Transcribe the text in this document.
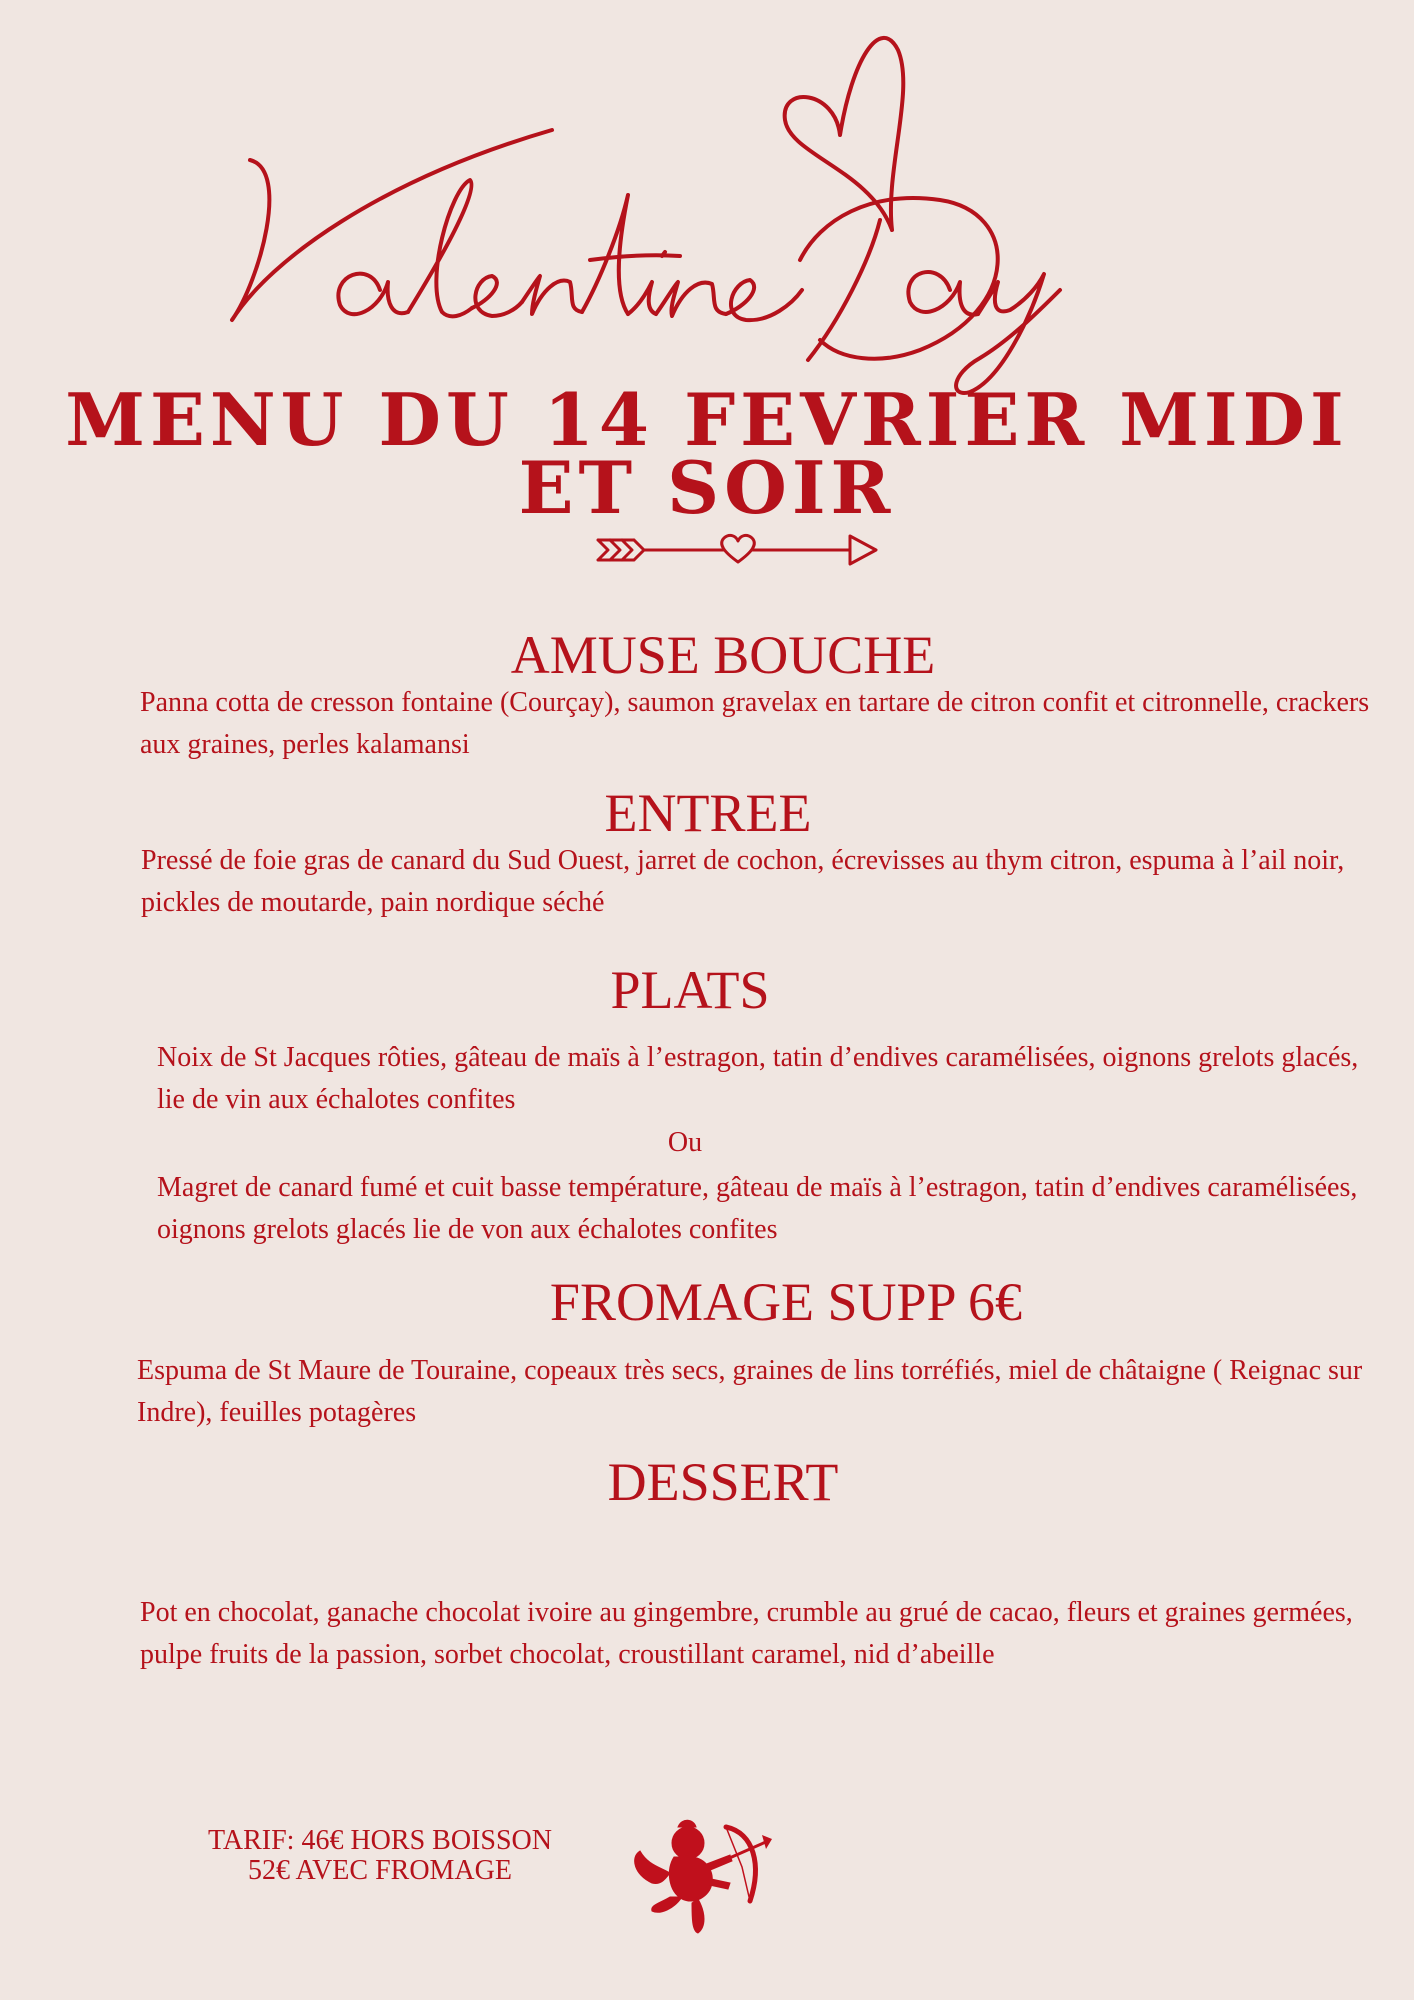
MENU DU 14 FEVRIER MIDI
ET SOIR
AMUSE BOUCHE

Panna cotta de cresson fontaine (Courçay), saumon gravelax en tartare de citron confit et citronnelle, crackers aux graines, perles kalamansi

ENTREE

Pressé de foie gras de canard du Sud Ouest, jarret de cochon, écrevisses au thym citron, espuma à l’ail noir, pickles de moutarde, pain nordique séché

PLATS

Noix de St Jacques rôties, gâteau de maïs à l’estragon, tatin d’endives caramélisées, oignons grelots glacés, lie de vin aux échalotes confites

Ou

Magret de canard fumé et cuit basse température, gâteau de maïs à l’estragon, tatin d’endives caramélisées, oignons grelots glacés lie de von aux échalotes confites

FROMAGE SUPP 6€

Espuma de St Maure de Touraine, copeaux très secs, graines de lins torréfiés, miel de châtaigne ( Reignac sur Indre), feuilles potagères

DESSERT

Pot en chocolat, ganache chocolat ivoire au gingembre, crumble au grué de cacao, fleurs et graines germées, pulpe fruits de la passion, sorbet chocolat, croustillant caramel, nid d’abeille

TARIF: 46€ HORS BOISSON
52€ AVEC FROMAGE
